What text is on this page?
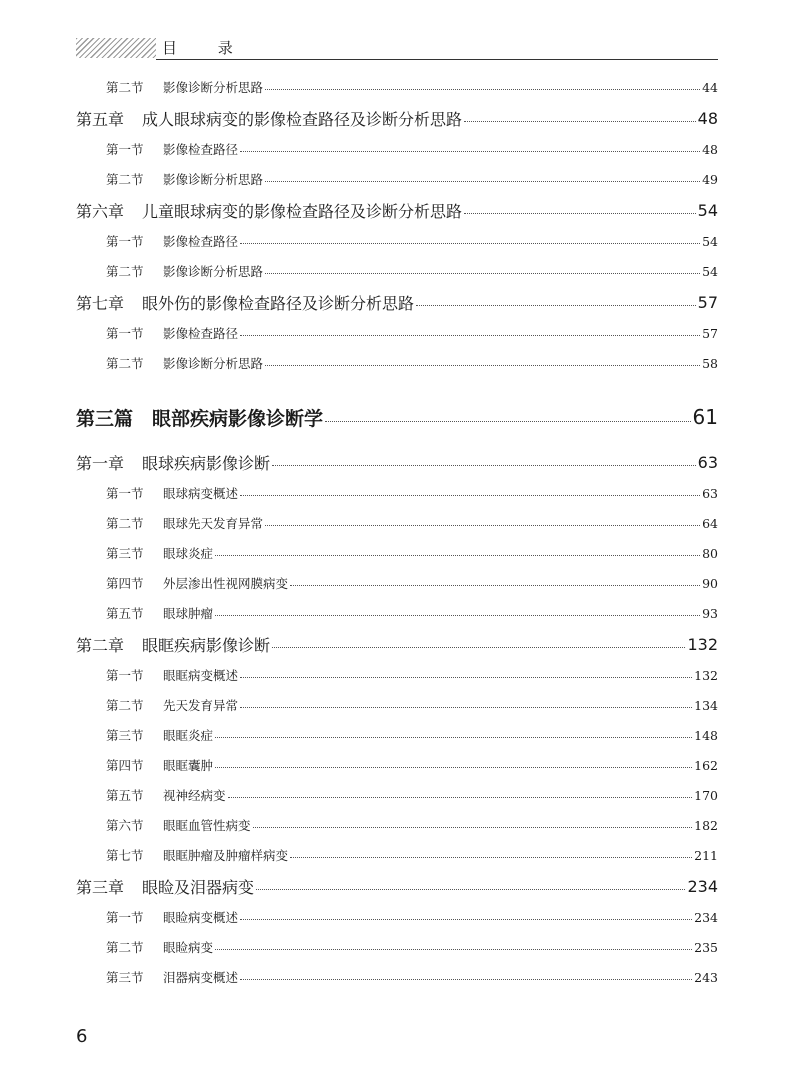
目 录
第二节	影像诊断分析思路	44
第五章	成人眼球病变的影像检查路径及诊断分析思路	48
第一节	影像检查路径	48
第二节	影像诊断分析思路	49
第六章	儿童眼球病变的影像检查路径及诊断分析思路	54
第一节	影像检查路径	54
第二节	影像诊断分析思路	54
第七章	眼外伤的影像检查路径及诊断分析思路	57
第一节	影像检查路径	57
第二节	影像诊断分析思路	58
第三篇 眼部疾病影像诊断学	61
第一章	眼球疾病影像诊断	63
第一节	眼球病变概述	63
第二节	眼球先天发育异常	64
第三节	眼球炎症	80
第四节	外层渗出性视网膜病变	90
第五节	眼球肿瘤	93
第二章	眼眶疾病影像诊断	132
第一节	眼眶病变概述	132
第二节	先天发育异常	134
第三节	眼眶炎症	148
第四节	眼眶囊肿	162
第五节	视神经病变	170
第六节	眼眶血管性病变	182
第七节	眼眶肿瘤及肿瘤样病变	211
第三章	眼睑及泪器病变	234
第一节	眼睑病变概述	234
第二节	眼睑病变	235
第三节	泪器病变概述	243
6
